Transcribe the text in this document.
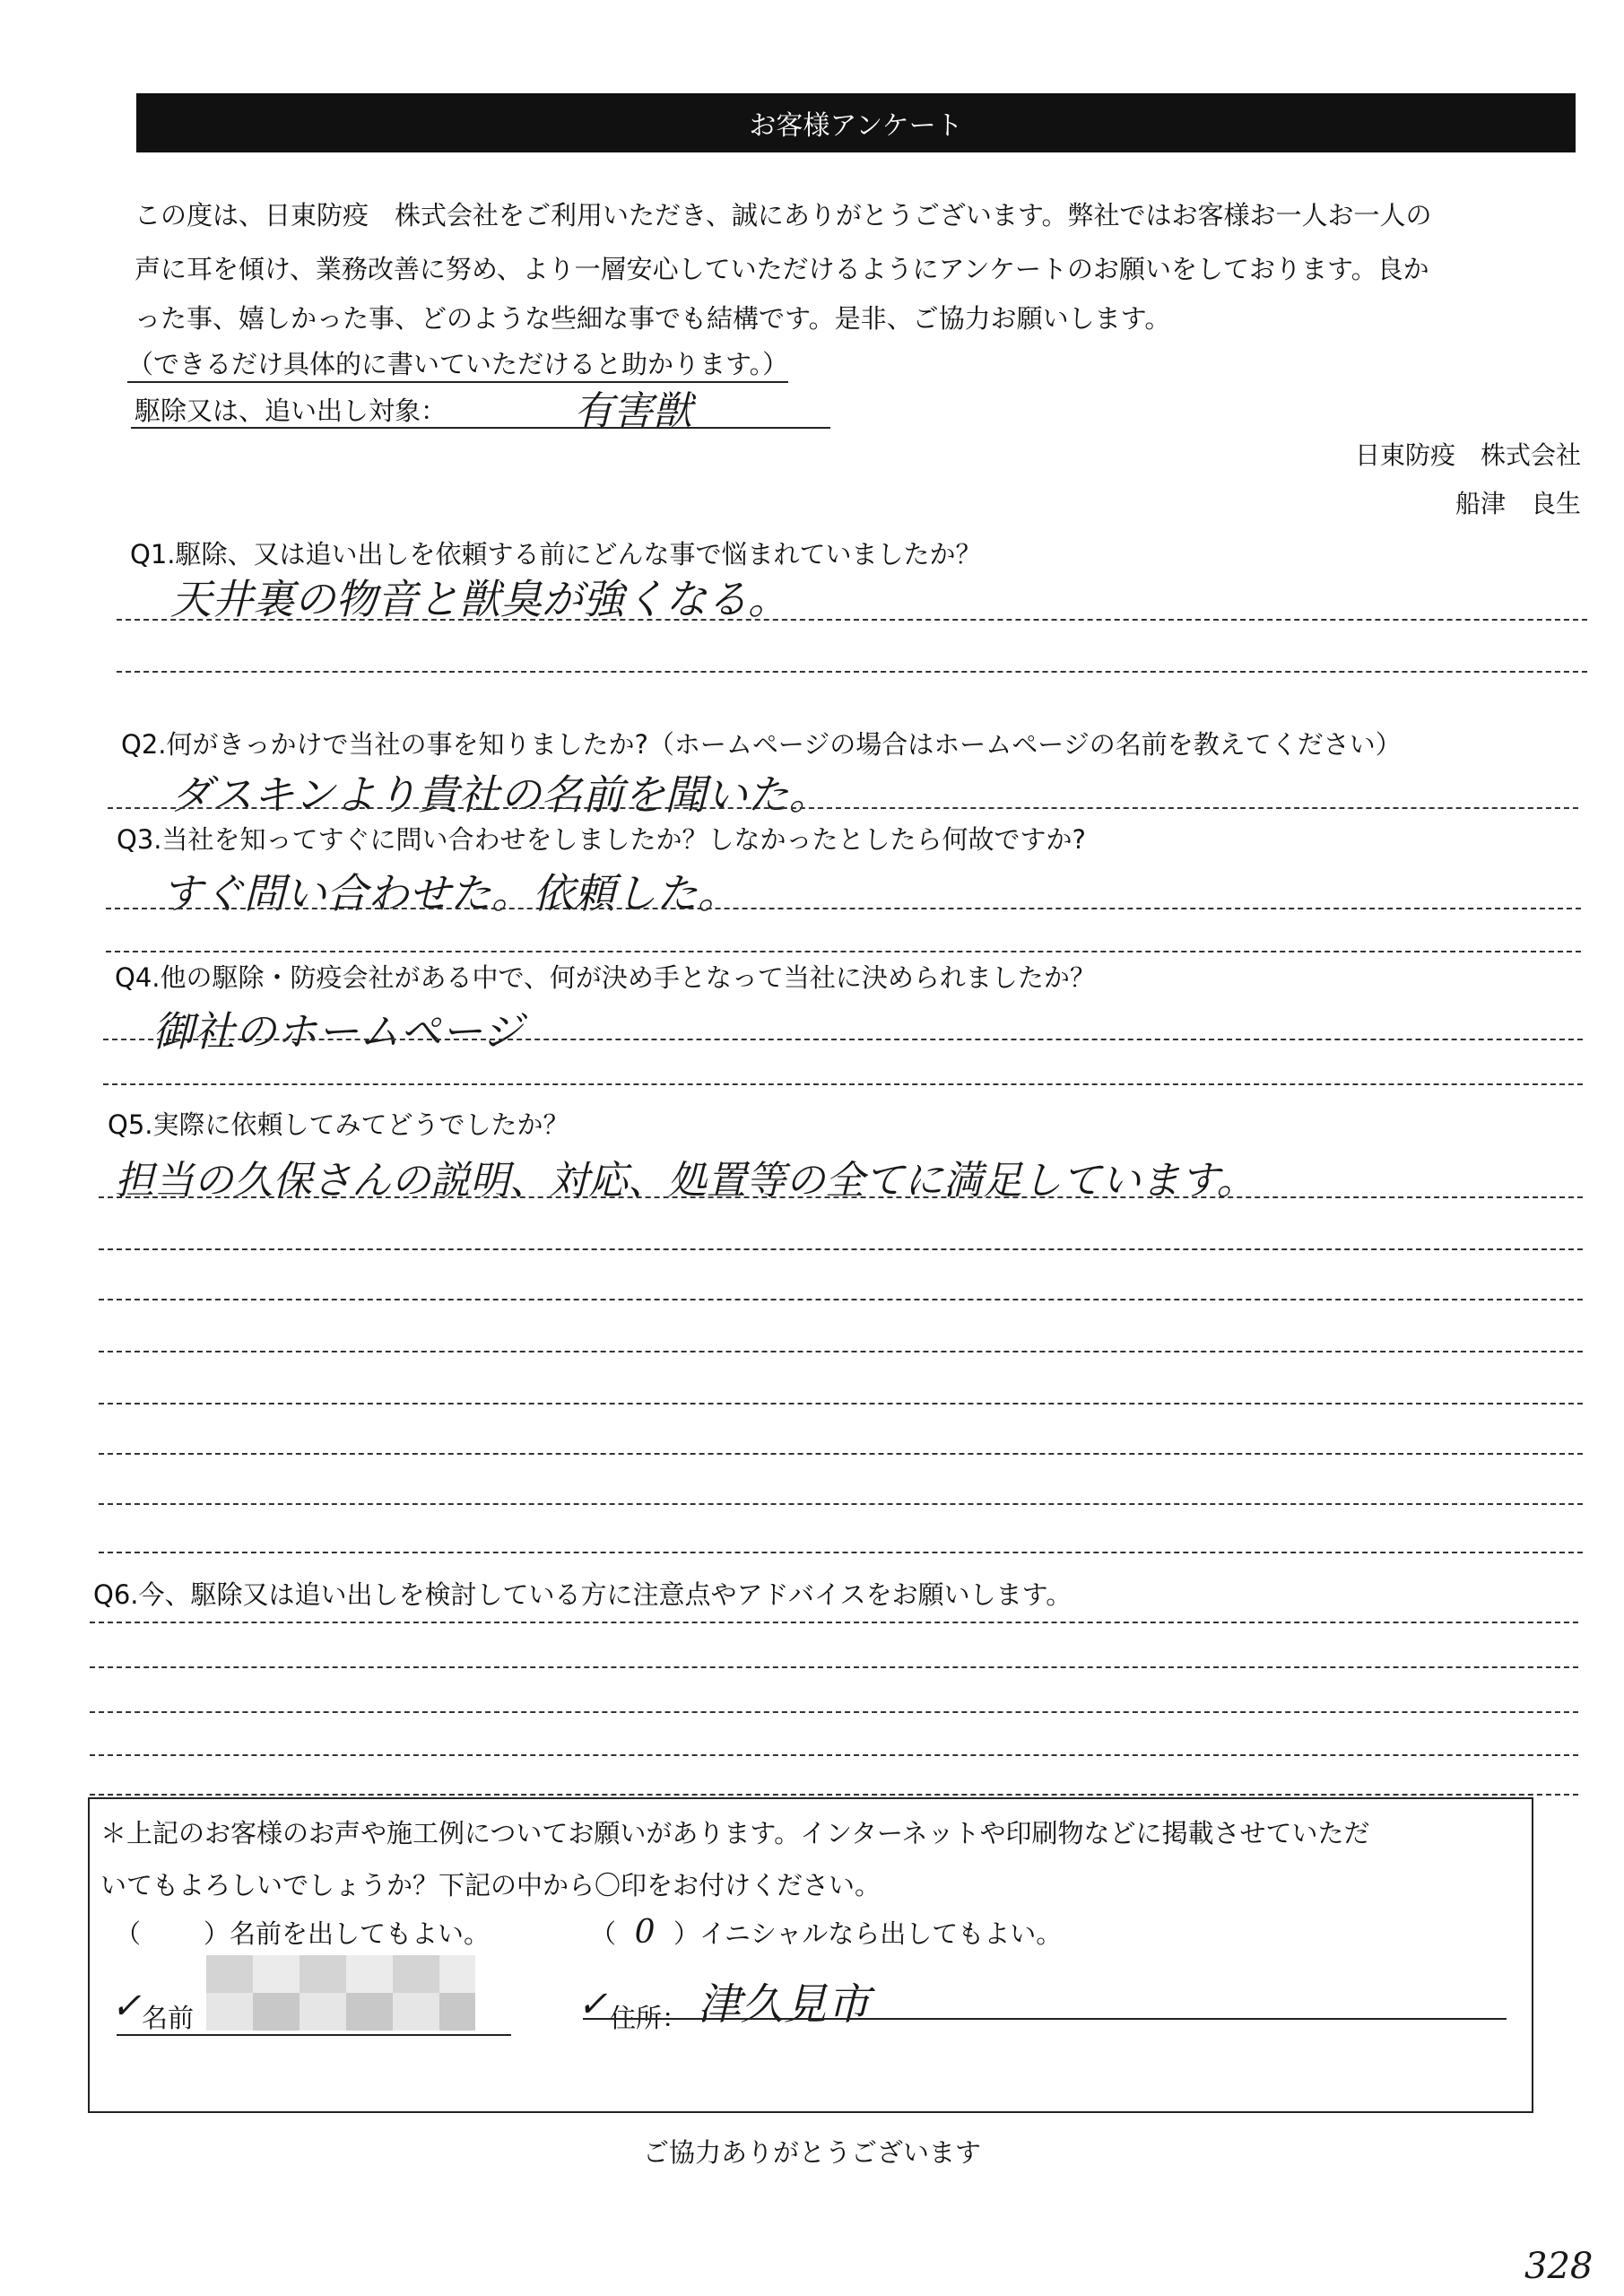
お客様アンケート
この度は、日東防疫　株式会社をご利用いただき、誠にありがとうございます。弊社ではお客様お一人お一人の
声に耳を傾け、業務改善に努め、より一層安心していただけるようにアンケートのお願いをしております。良か
った事、嬉しかった事、どのような些細な事でも結構です。是非、ご協力お願いします。
（できるだけ具体的に書いていただけると助かります。）
駆除又は、追い出し対象：	有害獣
日東防疫　株式会社
船津　良生
Q1.駆除、又は追い出しを依頼する前にどんな事で悩まれていましたか？
天井裏の物音と獣臭が強くなる。
Q2.何がきっかけで当社の事を知りましたか?（ホームページの場合はホームページの名前を教えてください）
ダスキンより貴社の名前を聞いた。
Q3.当社を知ってすぐに問い合わせをしましたか？しなかったとしたら何故ですか?
すぐ問い合わせた。依頼した。
Q4.他の駆除・防疫会社がある中で、何が決め手となって当社に決められましたか？
御社のホームページ
Q5.実際に依頼してみてどうでしたか？
担当の久保さんの説明、対応、処置等の全てに満足しています。
Q6.今、駆除又は追い出しを検討している方に注意点やアドバイスをお願いします。
＊上記のお客様のお声や施工例についてお願いがあります。インターネットや印刷物などに掲載させていただ
いてもよろしいでしょうか？下記の中から〇印をお付けください。
（ ）名前を出してもよい。	（ 0 ）イニシャルなら出してもよい。
✓ 名前	✓ 住所： 津久見市
ご協力ありがとうございます
328
